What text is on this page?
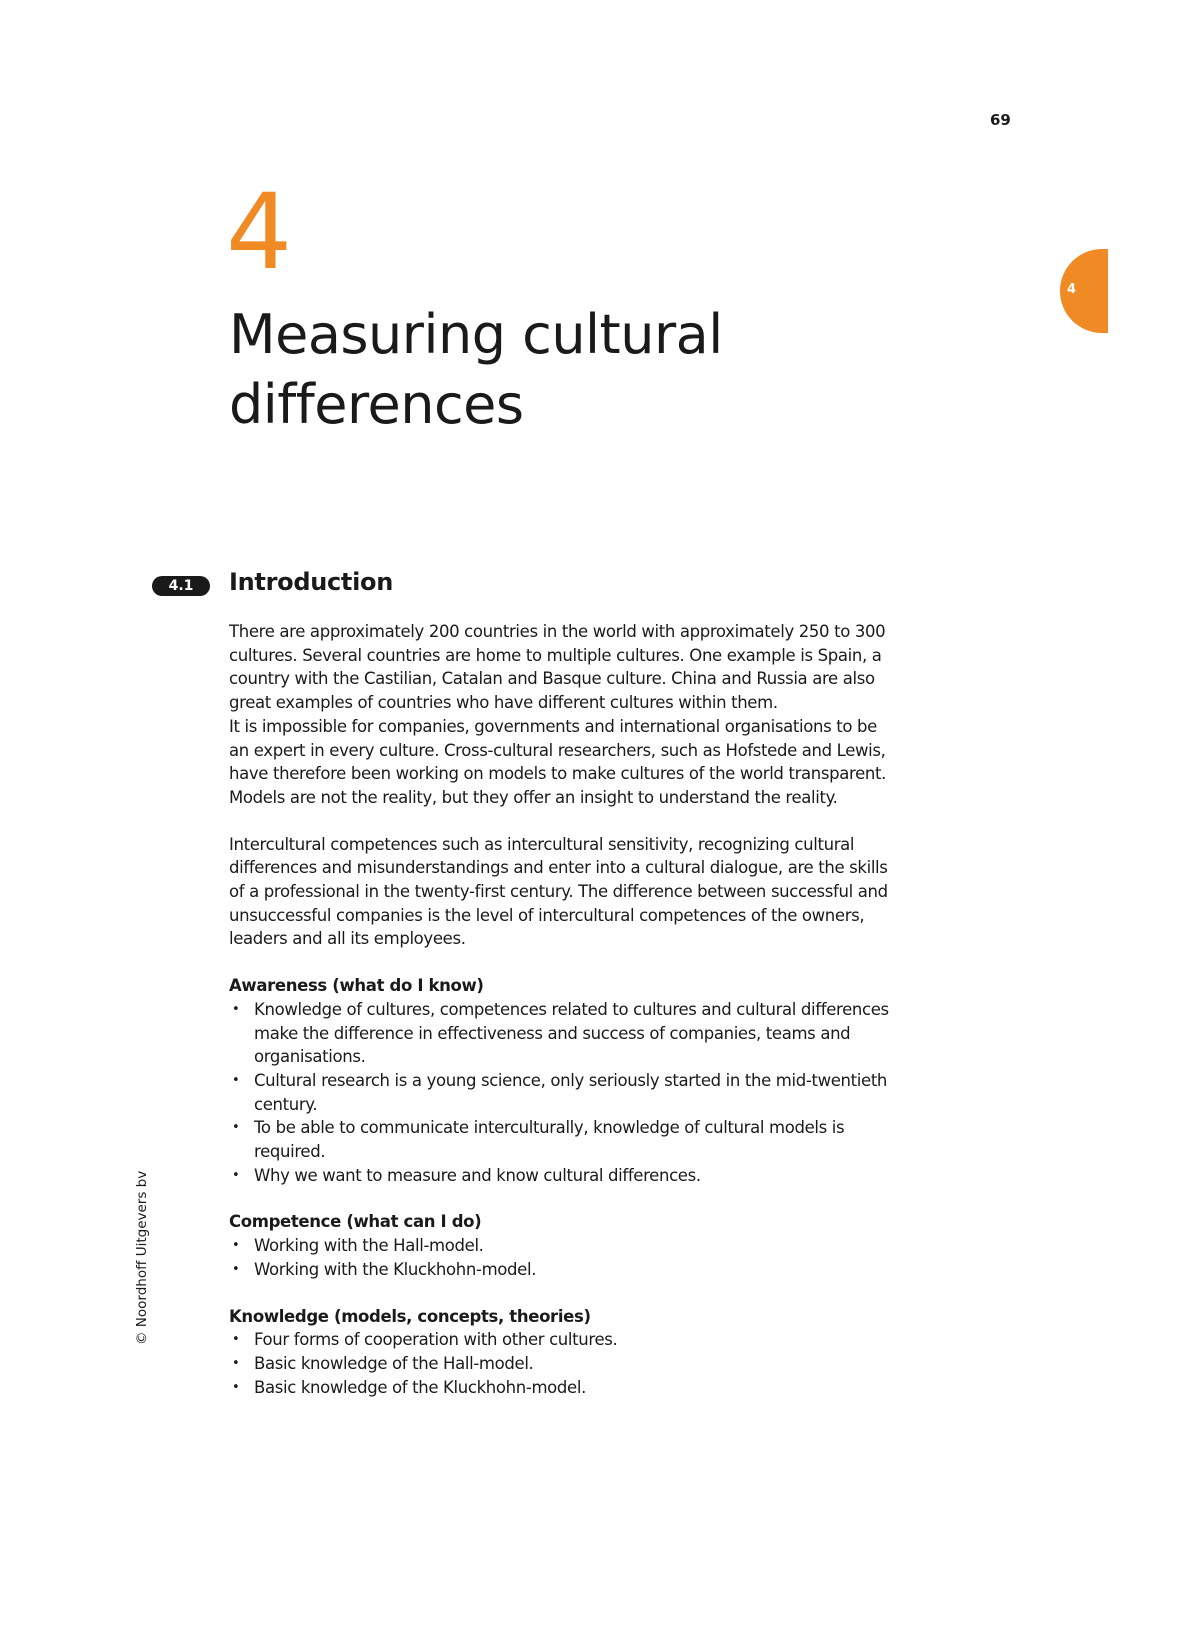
69
4
4
Measuring cultural
differences
4.1	Introduction

There are approximately 200 countries in the world with approximately 250 to 300 cultures. Several countries are home to multiple cultures. One example is Spain, a country with the Castilian, Catalan and Basque culture. China and Russia are also great examples of countries who have different cultures within them.

It is impossible for companies, governments and international organisations to be an expert in every culture. Cross-cultural researchers, such as Hofstede and Lewis, have therefore been working on models to make cultures of the world transparent. Models are not the reality, but they offer an insight to understand the reality.

Intercultural competences such as intercultural sensitivity, recognizing cultural differences and misunderstandings and enter into a cultural dialogue, are the skills of a professional in the twenty-first century. The difference between successful and unsuccessful companies is the level of intercultural competences of the owners, leaders and all its employees.

Awareness (what do I know)

• Knowledge of cultures, competences related to cultures and cultural differences make the difference in effectiveness and success of companies, teams and organisations.
• Cultural research is a young science, only seriously started in the mid-twentieth century.
• To be able to communicate interculturally, knowledge of cultural models is required.
• Why we want to measure and know cultural differences.

Competence (what can I do)

• Working with the Hall-model.
• Working with the Kluckhohn-model.

Knowledge (models, concepts, theories)

• Four forms of cooperation with other cultures.
• Basic knowledge of the Hall-model.
• Basic knowledge of the Kluckhohn-model.
© Noordhoff Uitgevers bv
